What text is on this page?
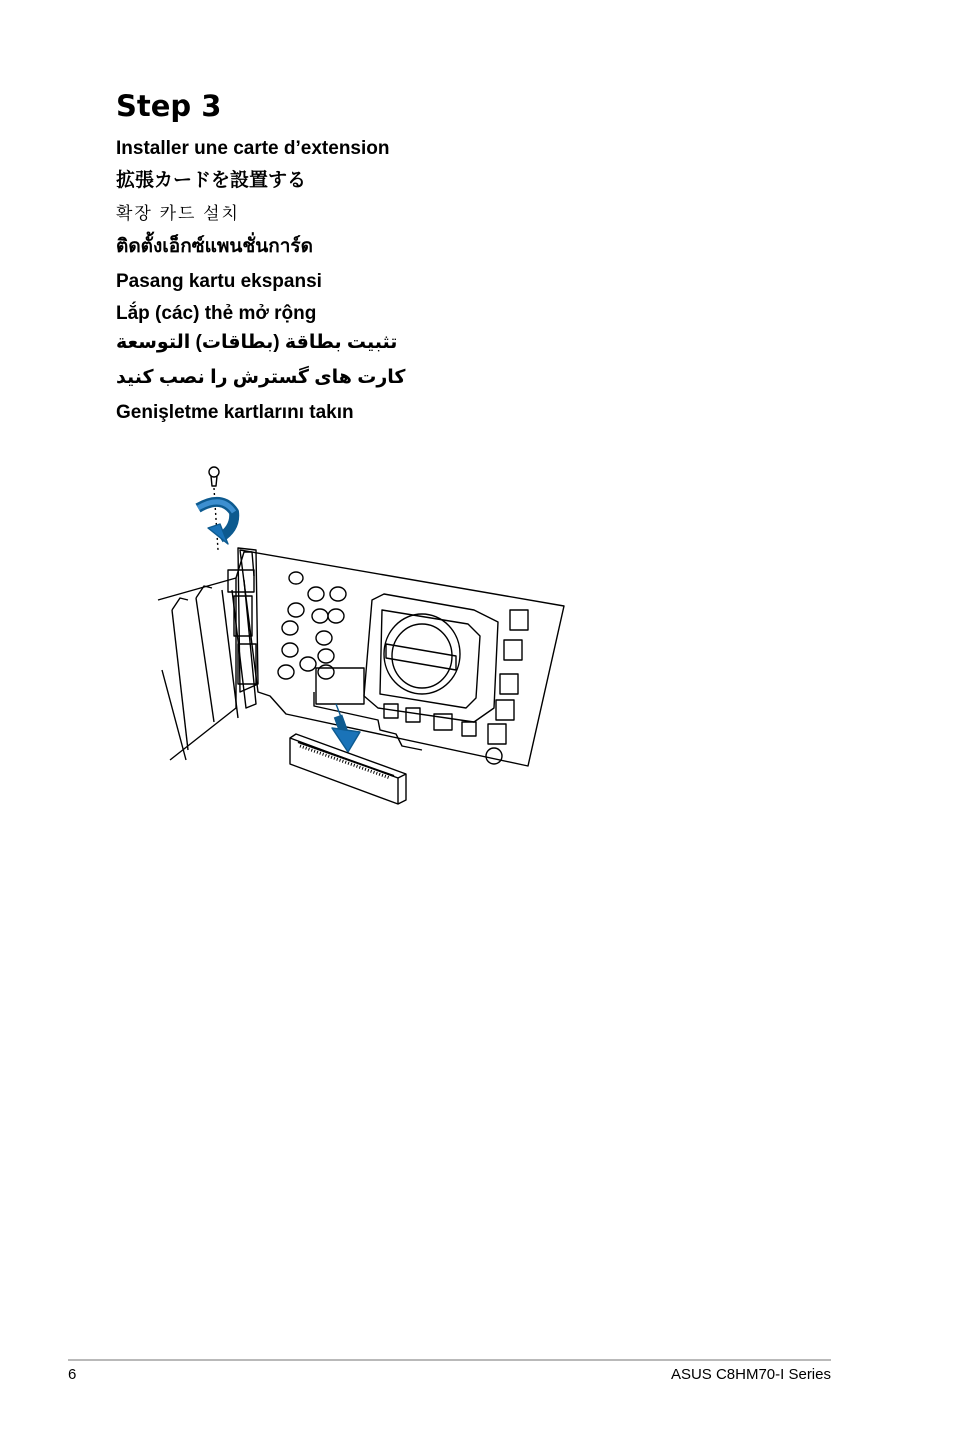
Step 3

Installer une carte d’extension

拡張カードを設置する

확장 카드 설치

ติดตั้งเอ็กซ์แพนชั่นการ์ด

Pasang kartu ekspansi

Lắp (các) thẻ mở rộng

تثبيت بطاقة (بطاقات) التوسعة

کارت های گسترش را نصب کنيد

Genişletme kartlarını takın

6	ASUS C8HM70-I Series
